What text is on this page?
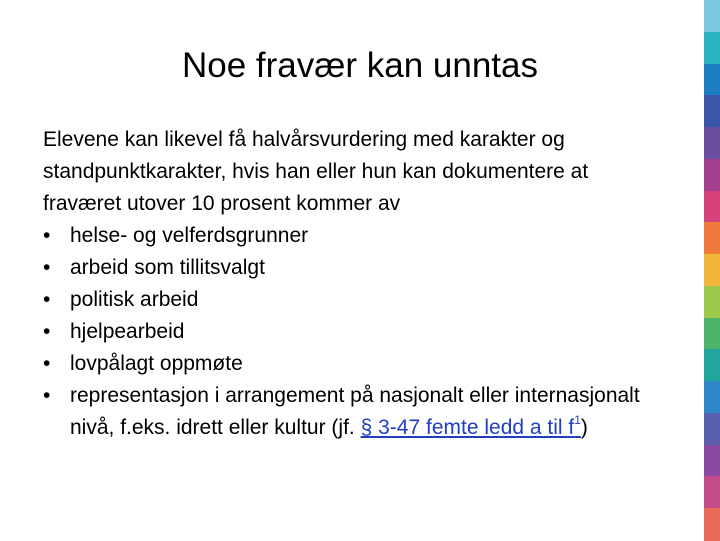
Noe fravær kan unntas

Elevene kan likevel få halvårsvurdering med karakter og standpunktkarakter, hvis han eller hun kan dokumentere at fraværet utover 10 prosent kommer av

• helse- og velferdsgrunner
• arbeid som tillitsvalgt
• politisk arbeid
• hjelpearbeid
• lovpålagt oppmøte
• representasjon i arrangement på nasjonalt eller internasjonalt nivå, f.eks. idrett eller kultur (jf. § 3-47 femte ledd a til f$^1$)
